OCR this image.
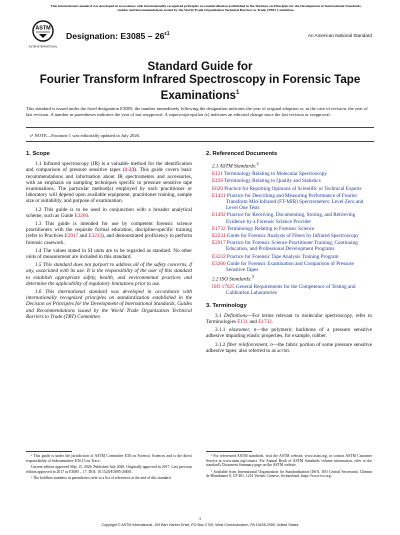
This international standard was developed in accordance with internationally recognized principles on standardization established in the Decision on Principles for the Development of International Standards, Guides and Recommendations issued by the World Trade Organization Technical Barriers to Trade (TBT) Committee.
ASTM
ASTM INTERNATIONAL
Designation: $E3085 - 26^{\varepsilon 1}$	An American National Standard
Standard Guide for
Fourier Transform Infrared Spectroscopy in Forensic Tape
Examinations$^1$
This standard is issued under the fixed designation E3085; the number immediately following the designation indicates the year of original adoption or, in the case of revision, the year of last revision. A number in parentheses indicates the year of last reapproval. A superscript epsilon (ε) indicates an editorial change since the last revision or reapproval.
ε¹ NOTE—Footnote 1 was editorially updated in July 2026.
1. Scope

1.1 Infrared spectroscopy (IR) is a valuable method for the identification and comparison of pressure sensitive tapes (1-23). This guide covers basic recommendations and information about IR spectrometers and accessories, with an emphasis on sampling techniques specific to pressure sensitive tape examinations. The particular method(s) employed by each practitioner or laboratory will depend upon available equipment, practitioner training, sample size or suitability, and purpose of examination.

1.2 This guide is to be used in conjunction with a broader analytical scheme, such as Guide E3260.

1.3 This guide is intended for use by competent forensic science practitioners with the requisite formal education, discipline-specific training (refer to Practices E2917 and E3233), and demonstrated proficiency to perform forensic casework.

1.4 The values stated in SI units are to be regarded as standard. No other units of measurement are included in this standard.

1.5 This standard does not purport to address all of the safety concerns, if any, associated with its use. It is the responsibility of the user of this standard to establish appropriate safety, health, and environmental practices and determine the applicability of regulatory limitations prior to use.

1.6 This international standard was developed in accordance with internationally recognized principles on standardization established in the Decision on Principles for the Development of International Standards, Guides and Recommendations issued by the World Trade Organization Technical Barriers to Trade (TBT) Committee.

2. Referenced Documents
2.1 ASTM Standards:$^2$
E131 Terminology Relating to Molecular Spectroscopy
E456 Terminology Relating to Quality and Statistics
E620 Practice for Reporting Opinions of Scientific or Technical Experts
E1421 Practice for Describing and Measuring Performance of Fourier Transform Mid-Infrared (FT-MIR) Spectrometers: Level Zero and Level One Tests
E1492 Practice for Receiving, Documenting, Storing, and Retrieving Evidence by a Forensic Science Provider
E1732 Terminology Relating to Forensic Science
E2224 Guide for Forensic Analysis of Fibers by Infrared Spectroscopy
E2917 Practice for Forensic Science Practitioner Training, Continuing Education, and Professional Development Programs
E3233 Practice for Forensic Tape Analysis Training Program
E3260 Guide for Forensic Examination and Comparison of Pressure Sensitive Tapes
2.2 ISO Standards:$^3$
ISO 17025 General Requirements for the Competence of Testing and Calibration Laboratories
3. Terminology

3.1 Definitions—For terms relevant to molecular spectroscopy, refer to Terminologies E131 and E1732.

3.1.1 elastomer, n—the polymeric backbone of a pressure sensitive adhesive imparting elastic properties, for example, rubber.

3.1.2 fiber reinforcement, n—the fabric portion of some pressure sensitive adhesive tapes; also referred to as scrim.

¹ This guide is under the jurisdiction of ASTM Committee E30 on Forensic Sciences and is the direct responsibility of Subcommittee E30.15 on Trace.
Current edition approved May 15, 2026. Published July 2026. Originally approved in 2017. Last previous edition approved in 2017 as E3085 – 17. DOI: 10.1520/E3085-26E01.
² The boldface numbers in parentheses refer to a list of references at the end of this standard.
² For referenced ASTM standards, visit the ASTM website, www.astm.org, or contact ASTM Customer Service at www.astm.org/contact. For Annual Book of ASTM Standards volume information, refer to the standard's Document Summary page on the ASTM website.
³ Available from International Organization for Standardization (ISO), ISO Central Secretariat, Chemin de Blandonnet 8, CP 401, 1214 Vernier, Geneva, Switzerland, https://www.iso.org.
1
Copyright © ASTM International, 100 Barr Harbor Drive, PO Box C700, West Conshohocken, PA 19428-2959. United States
